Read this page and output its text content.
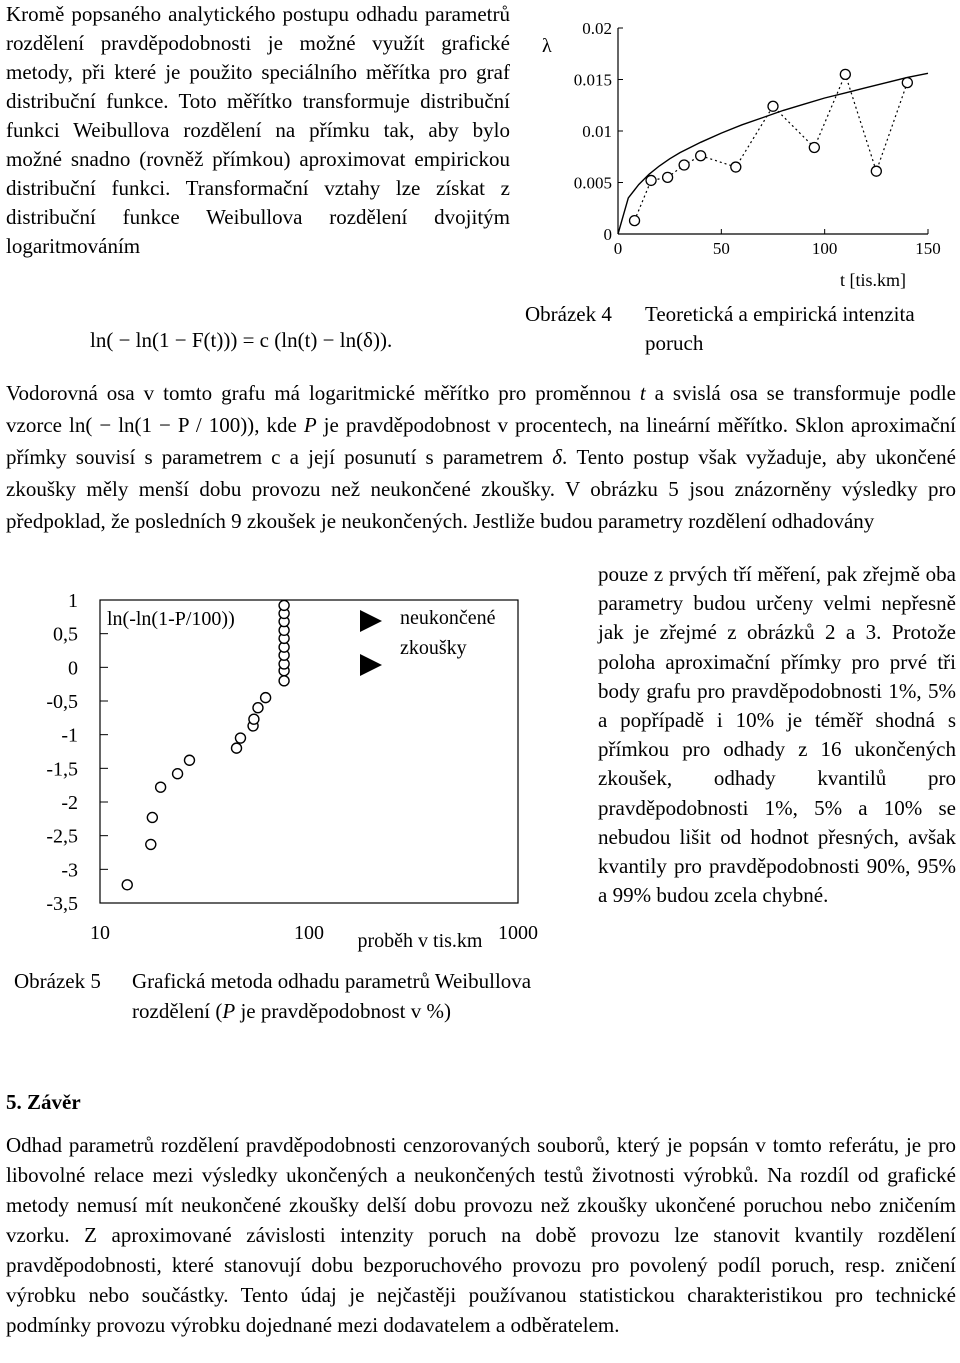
Kromě popsaného analytického postupu odhadu parametrů rozdělení pravděpodobnosti je možné využít grafické metody, při které je použito speciálního měřítka pro graf distribuční funkce. Toto měřítko transformuje distribuční funkci Weibullova rozdělení na přímku tak, aby bylo možné snadno (rovněž přímkou) aproximovat empirickou distribuční funkci. Transformační vztahy lze získat z distribuční funkce Weibullova rozdělení dvojitým logaritmováním

ln( − ln(1 − F(t))) = c (ln(t) − ln(δ)).
0	50	100	150
0
0.005
0.01
0.015
0.02
λ
t [tis.km]
Obrázek 4 Teoretická a empirická intenzita poruch

Vodorovná osa v tomto grafu má logaritmické měřítko pro proměnnou t a svislá osa se transformuje podle vzorce ln( − ln(1 − P / 100)), kde P je pravděpodobnost v procentech, na lineární měřítko. Sklon aproximační přímky souvisí s parametrem c a její posunutí s parametrem δ. Tento postup však vyžaduje, aby ukončené zkoušky měly menší dobu provozu než neukončené zkoušky. V obrázku 5 jsou znázorněny výsledky pro předpoklad, že posledních 9 zkoušek je neukončených. Jestliže budou parametry rozdělení odhadovány

pouze z prvých tří měření, pak zřejmě oba parametry budou určeny velmi nepřesně jak je zřejmé z obrázků 2 a 3. Protože poloha aproximační přímky pro prvé tři body grafu pro pravděpodobnosti 1%, 5% a popřípadě i 10% je téměř shodná s přímkou pro odhady z 16 ukončených zkoušek, odhady kvantilů pro pravděpodobnosti 1%, 5% a 10% se nebudou lišit od hodnot přesných, avšak kvantily pro pravděpodobnosti 90%, 95% a 99% budou zcela chybné.

1
0,5
0
-0,5
-1
-1,5
-2
-2,5
-3
-3,5
10	100	1000
ln(-ln(1-P/100))
proběh v tis.km
neukončené
zkoušky
Obrázek 5 Grafická metoda odhadu parametrů Weibullova rozdělení (P je pravděpodobnost v %)
5. Závěr

Odhad parametrů rozdělení pravděpodobnosti cenzorovaných souborů, který je popsán v tomto referátu, je pro libovolné relace mezi výsledky ukončených a neukončených testů životnosti výrobků. Na rozdíl od grafické metody nemusí mít neukončené zkoušky delší dobu provozu než zkoušky ukončené poruchou nebo zničením vzorku. Z aproximované závislosti intenzity poruch na době provozu lze stanovit kvantily rozdělení pravděpodobnosti, které stanovují dobu bezporuchového provozu pro povolený podíl poruch, resp. zničení výrobku nebo součástky. Tento údaj je nejčastěji používanou statistickou charakteristikou pro technické podmínky provozu výrobku dojednané mezi dodavatelem a odběratelem.
